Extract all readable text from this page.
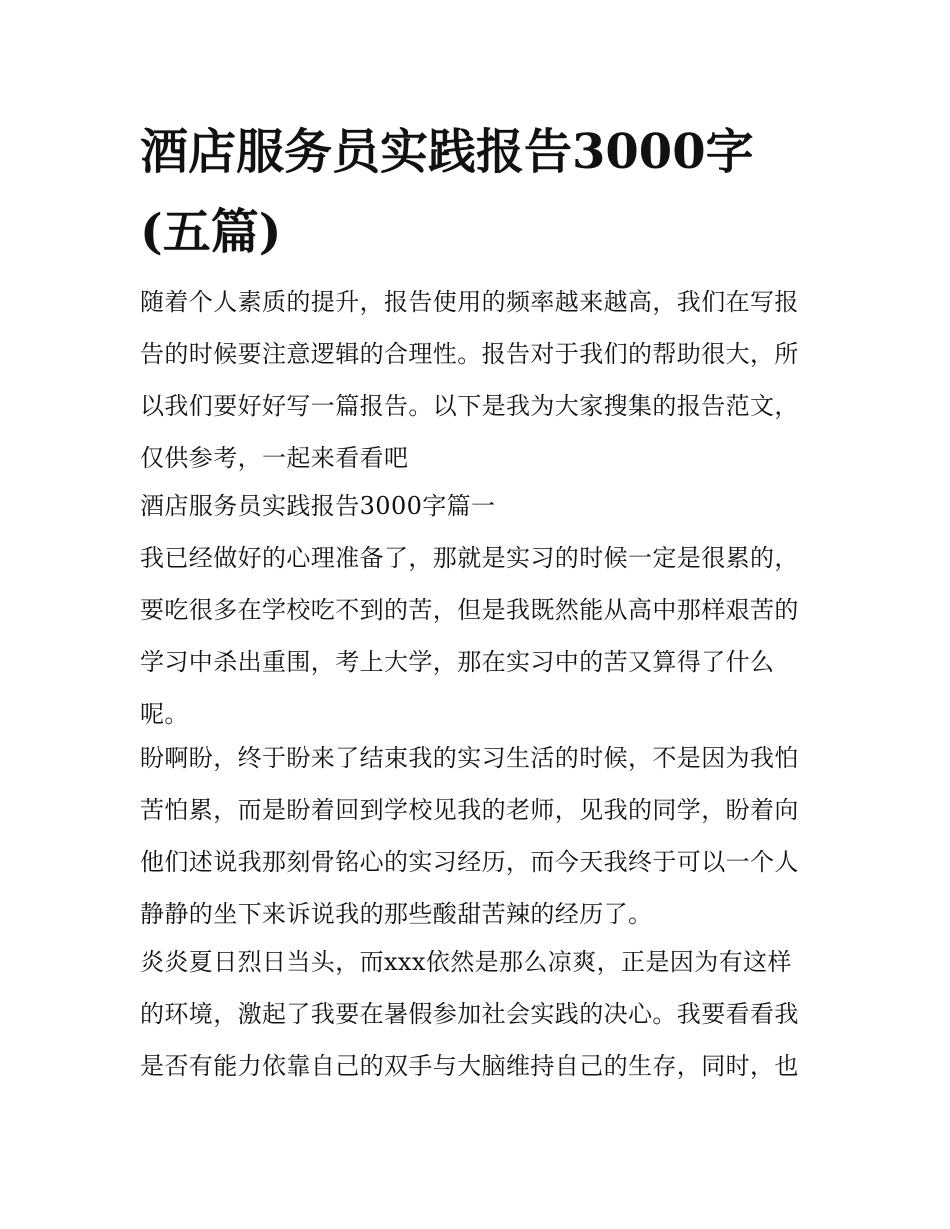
酒店服务员实践报告3000字(五篇)

随着个人素质的提升，报告使用的频率越来越高，我们在写报告的时候要注意逻辑的合理性。报告对于我们的帮助很大，所以我们要好好写一篇报告。以下是我为大家搜集的报告范文，仅供参考，一起来看看吧

酒店服务员实践报告3000字篇一

我已经做好的心理准备了，那就是实习的时候一定是很累的，要吃很多在学校吃不到的苦，但是我既然能从高中那样艰苦的学习中杀出重围，考上大学，那在实习中的苦又算得了什么呢。

盼啊盼，终于盼来了结束我的实习生活的时候，不是因为我怕苦怕累，而是盼着回到学校见我的老师，见我的同学，盼着向他们述说我那刻骨铭心的实习经历，而今天我终于可以一个人静静的坐下来诉说我的那些酸甜苦辣的经历了。

炎炎夏日烈日当头，而xxx依然是那么凉爽，正是因为有这样的环境，激起了我要在暑假参加社会实践的决心。我要看看我是否有能力依靠自己的双手与大脑维持自己的生存，同时，也
